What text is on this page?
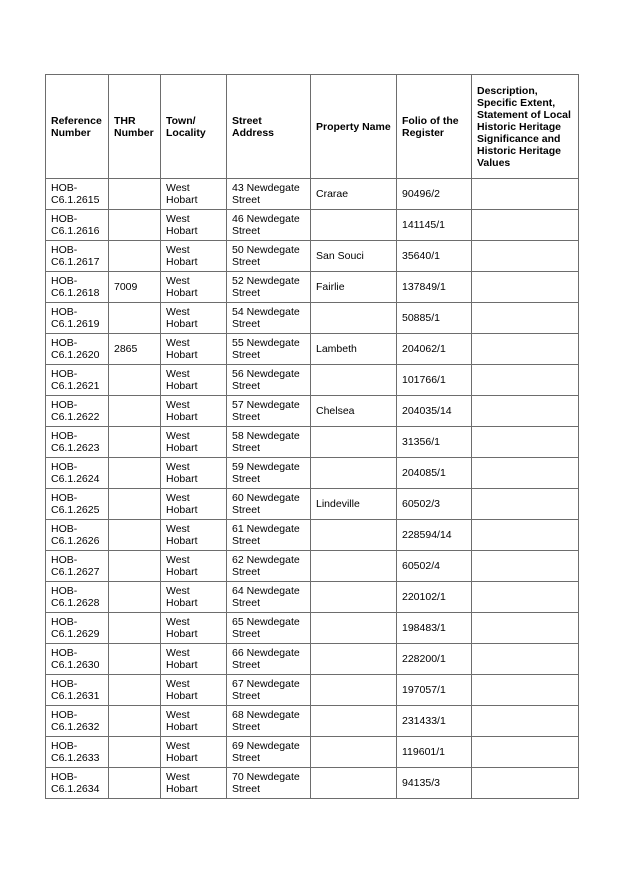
Reference Number	THR Number	Town/ Locality	Street Address	Property Name	Folio of the Register	Description, Specific Extent, Statement of Local Historic Heritage Significance and Historic Heritage Values
HOB-C6.1.2615		West Hobart	43 Newdegate Street	Crarae	90496/2	
HOB-C6.1.2616		West Hobart	46 Newdegate Street		141145/1	
HOB-C6.1.2617		West Hobart	50 Newdegate Street	San Souci	35640/1	
HOB-C6.1.2618	7009	West Hobart	52 Newdegate Street	Fairlie	137849/1	
HOB-C6.1.2619		West Hobart	54 Newdegate Street		50885/1	
HOB-C6.1.2620	2865	West Hobart	55 Newdegate Street	Lambeth	204062/1	
HOB-C6.1.2621		West Hobart	56 Newdegate Street		101766/1	
HOB-C6.1.2622		West Hobart	57 Newdegate Street	Chelsea	204035/14	
HOB-C6.1.2623		West Hobart	58 Newdegate Street		31356/1	
HOB-C6.1.2624		West Hobart	59 Newdegate Street		204085/1	
HOB-C6.1.2625		West Hobart	60 Newdegate Street	Lindeville	60502/3	
HOB-C6.1.2626		West Hobart	61 Newdegate Street		228594/14	
HOB-C6.1.2627		West Hobart	62 Newdegate Street		60502/4	
HOB-C6.1.2628		West Hobart	64 Newdegate Street		220102/1	
HOB-C6.1.2629		West Hobart	65 Newdegate Street		198483/1	
HOB-C6.1.2630		West Hobart	66 Newdegate Street		228200/1	
HOB-C6.1.2631		West Hobart	67 Newdegate Street		197057/1	
HOB-C6.1.2632		West Hobart	68 Newdegate Street		231433/1	
HOB-C6.1.2633		West Hobart	69 Newdegate Street		119601/1	
HOB-C6.1.2634		West Hobart	70 Newdegate Street		94135/3	
